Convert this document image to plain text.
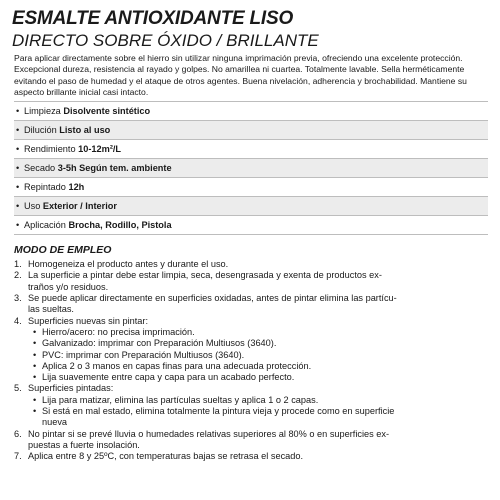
ESMALTE ANTIOXIDANTE LISO
DIRECTO SOBRE ÓXIDO / BRILLANTE
Para aplicar directamente sobre el hierro sin utilizar ninguna imprimación previa, ofreciendo una excelente protección. Excepcional dureza, resistencia al rayado y golpes. No amarillea ni cuartea. Totalmente lavable. Sella herméticamente evitando el paso de humedad y el ataque de otros agentes. Buena nivelación, adherencia y brochabilidad. Mantiene su aspecto brillante inicial casi intacto.
• Limpieza Disolvente sintético
• Dilución Listo al uso
• Rendimiento 10-12m²/L
• Secado 3-5h Según tem. ambiente
• Repintado 12h
• Uso Exterior / Interior
• Aplicación Brocha, Rodillo, Pistola
MODO DE EMPLEO
1. Homogeneiza el producto antes y durante el uso.
2. La superficie a pintar debe estar limpia, seca, desengrasada y exenta de productos ex-
traños y/o residuos.
3. Se puede aplicar directamente en superficies oxidadas, antes de pintar elimina las partícu-
las sueltas.
4. Superficies nuevas sin pintar:
• Hierro/acero: no precisa imprimación.
• Galvanizado: imprimar con Preparación Multiusos (3640).
• PVC: imprimar con Preparación Multiusos (3640).
• Aplica 2 o 3 manos en capas finas para una adecuada protección.
• Lija suavemente entre capa y capa para un acabado perfecto.
5. Superficies pintadas:
• Lija para matizar, elimina las partículas sueltas y aplica 1 o 2 capas.
• Si está en mal estado, elimina totalmente la pintura vieja y procede como en superficie
nueva
6. No pintar si se prevé lluvia o humedades relativas superiores al 80% o en superficies ex-
puestas a fuerte insolación.
7. Aplica entre 8 y 25ºC, con temperaturas bajas se retrasa el secado.
